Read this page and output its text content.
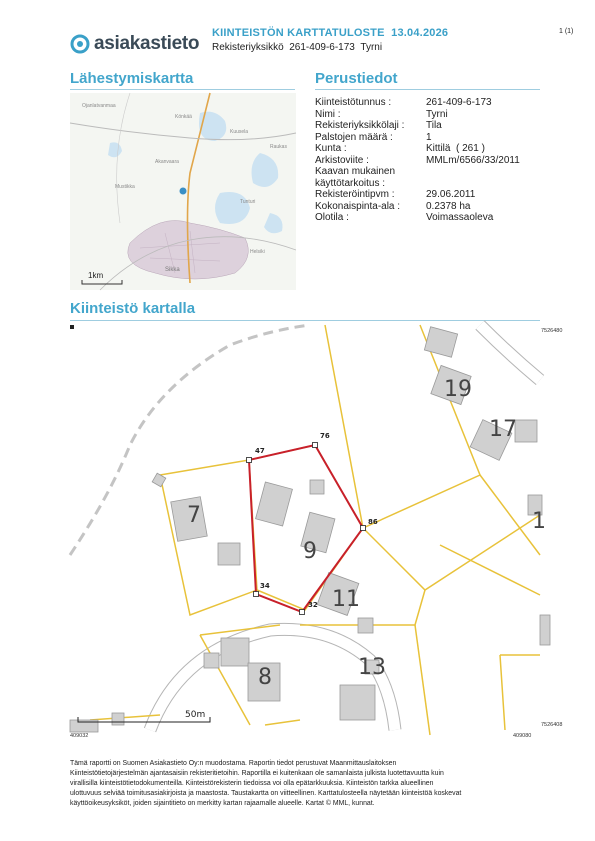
asiakastieto KIINTEISTÖN KARTTATULOSTE 13.04.2026
Rekisteriyksikkö 261-409-6-173 Tyrni
1 (1)
Lähestymiskartta	Perustiedot
Ojanlatvanmaa
Könkää
Kuusela
Raukas
Akanvaara
Mustikka
Helsiki
Sikka
Tunturi
1km
Kiinteistötunnus :	261-409-6-173
Nimi :	Tyrni
Rekisteriyksikkölaji :	Tila
Palstojen määrä :	1
Kunta :	Kittilä  ( 261 )
Arkistoviite :	MMLm/6566/33/2011
Kaavan mukainen
käyttötarkoitus :
Rekisteröintipvm :	29.06.2011
Kokonaispinta-ala :	0.2378 ha
Olotila :	Voimassaoleva
Kiinteistö kartalla
19
17
7
9
11
13
8
1
47
76
86
34
32
50m
7526480
7526408
409032	409080
Tämä raportti on Suomen Asiakastieto Oy:n muodostama. Raportin tiedot perustuvat Maanmittauslaitoksen
Kiinteistötietojärjestelmän ajantasaisiin rekisteritietoihin. Raportilla ei kuitenkaan ole samanlaista julkista luotettavuutta kuin
virallisilla kiinteistötietodokumenteilla. Kiinteistörekisterin tiedoissa voi olla epätarkkuuksia. Kiinteistön tarkka alueellinen
ulottuvuus selviää toimitusasiakirjoista ja maastosta. Taustakartta on viitteellinen. Karttatulosteella näytetään kiinteistöä koskevat
käyttöoikeusyksiköt, joiden sijaintitieto on merkitty kartan rajaamalle alueelle. Kartat © MML, kunnat.
